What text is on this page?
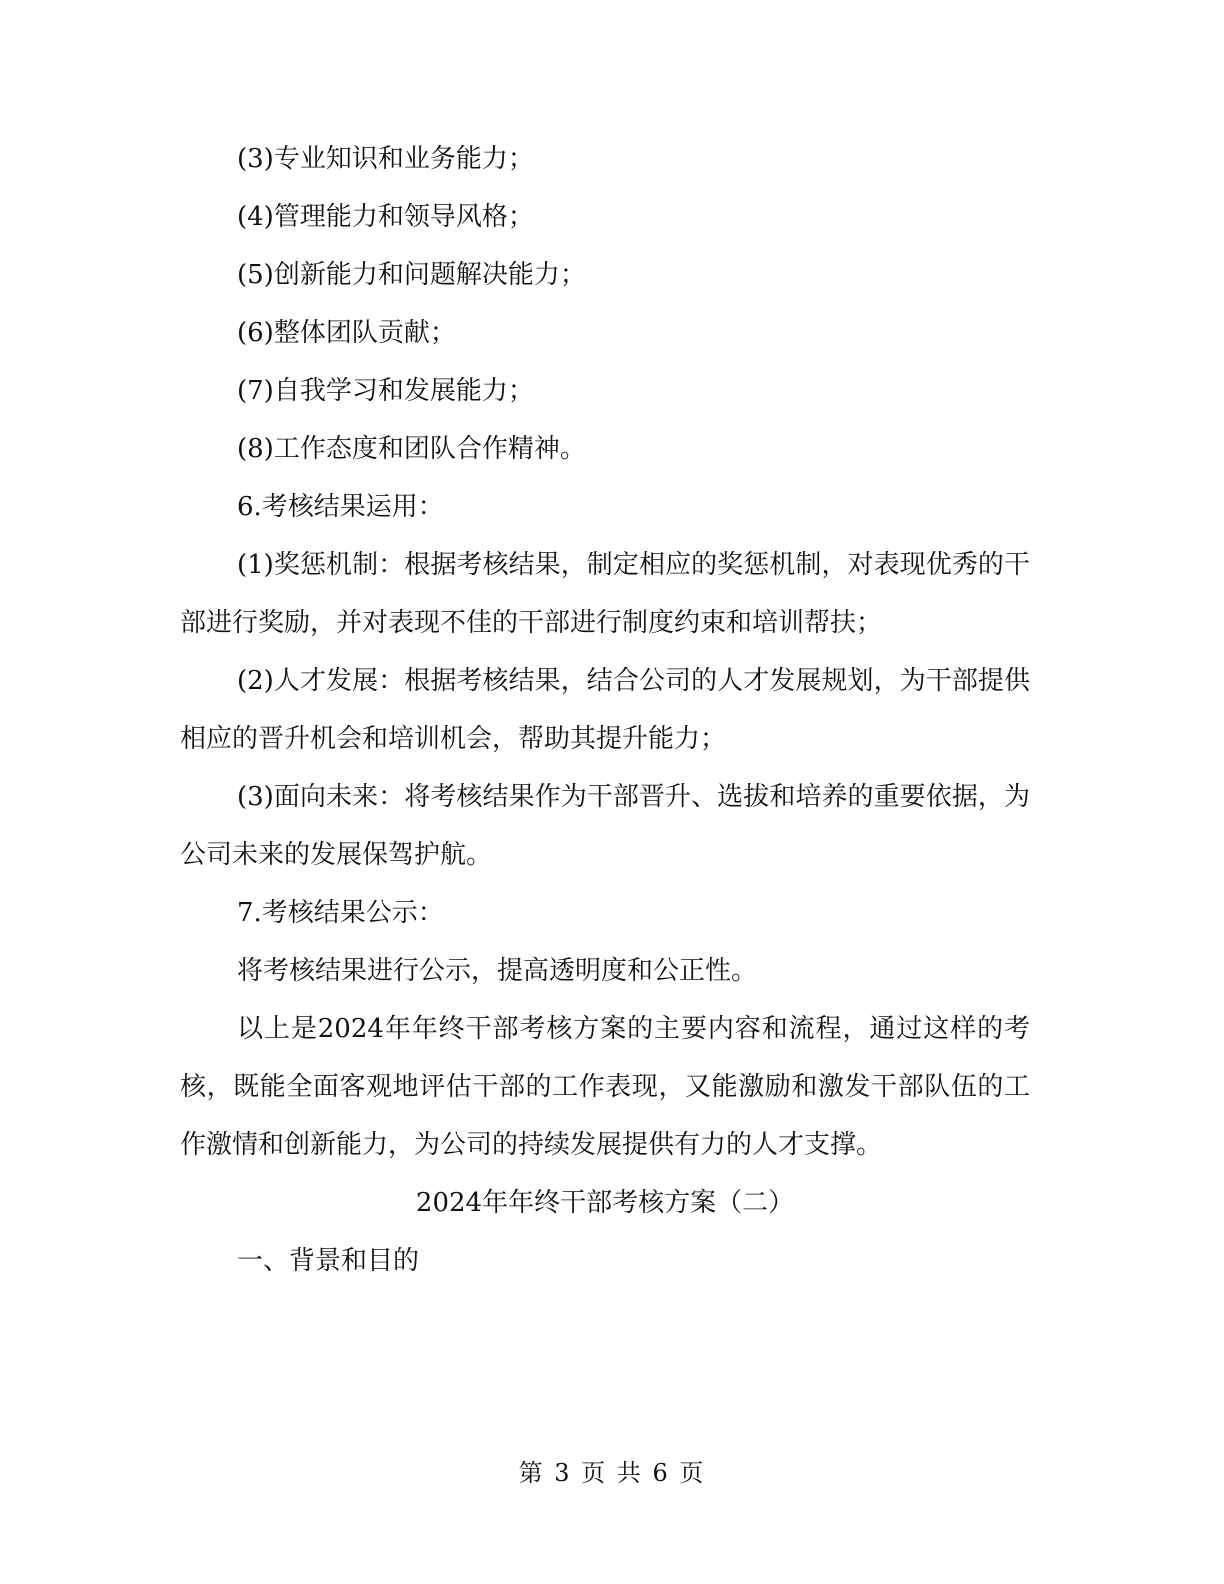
(3)专业知识和业务能力；

(4)管理能力和领导风格；

(5)创新能力和问题解决能力；

(6)整体团队贡献；

(7)自我学习和发展能力；

(8)工作态度和团队合作精神。

6.考核结果运用：

(1)奖惩机制：根据考核结果，制定相应的奖惩机制，对表现优秀的干部进行奖励，并对表现不佳的干部进行制度约束和培训帮扶；

(2)人才发展：根据考核结果，结合公司的人才发展规划，为干部提供相应的晋升机会和培训机会，帮助其提升能力；

(3)面向未来：将考核结果作为干部晋升、选拔和培养的重要依据，为公司未来的发展保驾护航。

7.考核结果公示：

将考核结果进行公示，提高透明度和公正性。

以上是2024年年终干部考核方案的主要内容和流程，通过这样的考核，既能全面客观地评估干部的工作表现，又能激励和激发干部队伍的工作激情和创新能力，为公司的持续发展提供有力的人才支撑。

2024年年终干部考核方案（二）

一、背景和目的

第 3 页 共 6 页
